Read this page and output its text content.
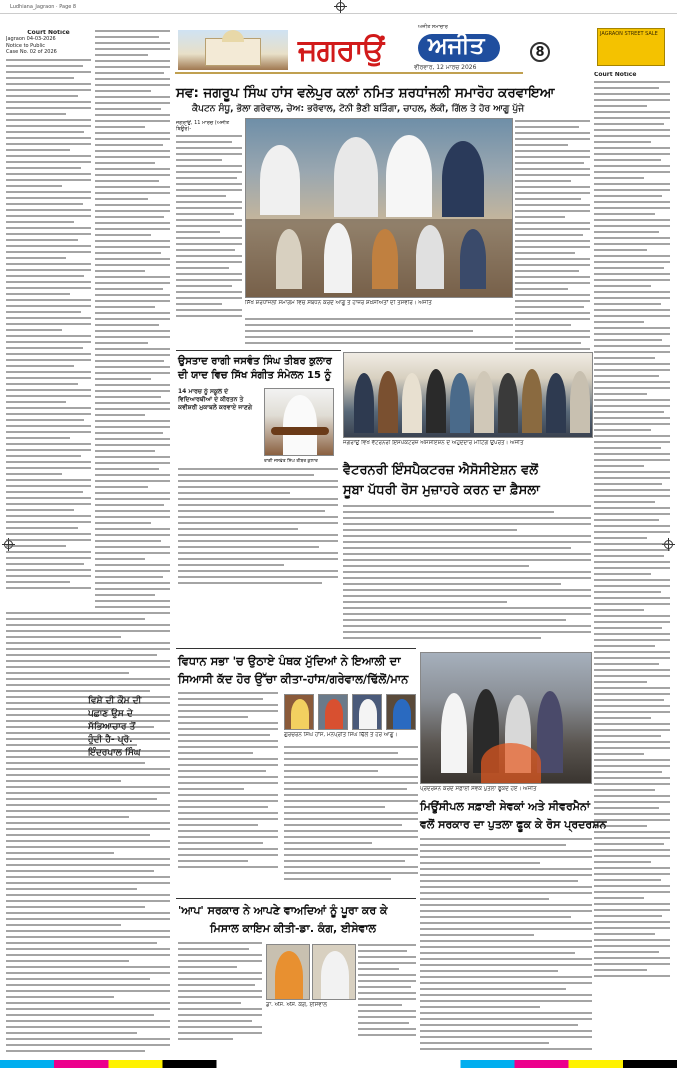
Ludhiana_Jagraon · Page 8
ਜਗਰਾਉਂ ਅਜੀਤ
ਅਜੀਤ ਸਮਾਚਾਰ
ਵੀਰਵਾਰ, 12 ਮਾਰਚ 2026
8
JAGRAON STREET SALE
Court Notice
Jagraon 04-03-2026
Notice to Public
Case No. 02 of 2026
Court Notice
ਸਵ: ਜਗਰੂਪ ਸਿੰਘ ਹਾਂਸ ਵਲੇਪੁਰ ਕਲਾਂ ਨਮਿਤ ਸ਼ਰਧਾਂਜਲੀ ਸਮਾਰੋਹ ਕਰਵਾਇਆ
ਕੈਪਟਨ ਸੰਧੂ, ਭੋਲਾ ਗਰੇਵਾਲ, ਚੇਅ: ਭਰੋਵਾਲ, ਟੋਨੀ ਭੈਣੀ ਬੜਿੰਗਾ, ਚਾਹਲ, ਲੱਕੀ, ਗਿੱਲ ਤੇ ਹੋਰ ਆਗੂ ਪੁੱਜੇ
ਜਗਰਾਉਂ, 11 ਮਾਰਚ (ਅਜੀਤ ਬਿਊਰੋ)-
ਸਿੱਖ ਸ਼ਰਧਾਂਜਲੀ ਸਮਾਗਮ ਵਿਚ ਸੰਬੋਧਨ ਕਰਦੇ ਆਗੂ ਤੇ ਹਾਜ਼ਰ ਸ਼ਖ਼ਸੀਅਤਾਂ ਦੀ ਤਸਵੀਰ। ਅਜੀਤ
ਉਸਤਾਦ ਰਾਗੀ ਜਸਵੰਤ ਸਿੰਘ ਤੀਬਰ ਕੁਲਾਰ
ਦੀ ਯਾਦ ਵਿਚ ਸਿੱਖ ਸੰਗੀਤ ਸੰਮੇਲਨ 15 ਨੂੰ
14 ਮਾਰਚ ਨੂੰ ਸਕੂਲ ਦੇ ਵਿਦਿਆਰਥੀਆਂ ਦੇ ਕੀਰਤਨ ਤੇ ਕਵੀਸ਼ਰੀ ਮੁਕਾਬਲੇ ਕਰਵਾਏ ਜਾਣਗੇ
ਰਾਗੀ ਜਸਵੰਤ ਸਿੰਘ ਤੀਬਰ ਕੁਲਾਰ
ਜਗਰਾਉਂ ਵਿਖੇ ਵੈਟਰਨਰੀ ਇੰਸਪੈਕਟਰਜ਼ ਐਸੋਸੀਏਸ਼ਨ ਦੇ ਅਹੁਦੇਦਾਰ ਮੀਟਿੰਗ ਉਪਰੰਤ। ਅਜੀਤ
ਵੈਟਰਨਰੀ ਇੰਸਪੈਕਟਰਜ਼ ਐਸੋਸੀਏਸ਼ਨ ਵਲੋਂ
ਸੂਬਾ ਪੱਧਰੀ ਰੋਸ ਮੁਜ਼ਾਹਰੇ ਕਰਨ ਦਾ ਫ਼ੈਸਲਾ
ਵਿਧਾਨ ਸਭਾ 'ਚ ਉਠਾਏ ਪੰਥਕ ਮੁੱਦਿਆਂ ਨੇ ਇਆਲੀ ਦਾ
ਸਿਆਸੀ ਕੱਦ ਹੋਰ ਉੱਚਾ ਕੀਤਾ-ਹਾਂਸ/ਗਰੇਵਾਲ/ਢਿੱਲੋਂ/ਮਾਨ
ਗੁਰਚਰਨ ਸਿੰਘ ਹਾਂਸ, ਮਨਪ੍ਰੀਤ ਸਿੰਘ ਢਿੱਲੋਂ ਤੇ ਹੋਰ ਆਗੂ।
ਵਿਸ਼ੇ ਦੀ ਕੌਮ ਦੀ
ਪਛਾਣ ਉਸ ਦੇ
ਸੱਭਿਆਚਾਰ ਤੋਂ
ਹੁੰਦੀ ਹੈ- ਪ੍ਰੋ.
ਇੰਦਰਪਾਲ ਸਿੰਘ
ਪ੍ਰਦਰਸ਼ਨ ਕਰਦੇ ਸਫ਼ਾਈ ਸੇਵਕ ਪੁਤਲਾ ਫੂਕਦੇ ਹੋਏ। ਅਜੀਤ
ਮਿਊਂਸੀਪਲ ਸਫ਼ਾਈ ਸੇਵਕਾਂ ਅਤੇ ਸੀਵਰਮੈਨਾਂ
ਵਲੋਂ ਸਰਕਾਰ ਦਾ ਪੁਤਲਾ ਫੂਕ ਕੇ ਰੋਸ ਪ੍ਰਦਰਸ਼ਨ
'ਆਪ' ਸਰਕਾਰ ਨੇ ਆਪਣੇ ਵਾਅਦਿਆਂ ਨੂੰ ਪੂਰਾ ਕਰ ਕੇ
ਮਿਸਾਲ ਕਾਇਮ ਕੀਤੀ-ਡਾ. ਕੰਗ, ਈਸੇਵਾਲ
ਡਾ. ਐੱਸ. ਐੱਸ. ਕੰਗ, ਈਸੇਵਾਲ
